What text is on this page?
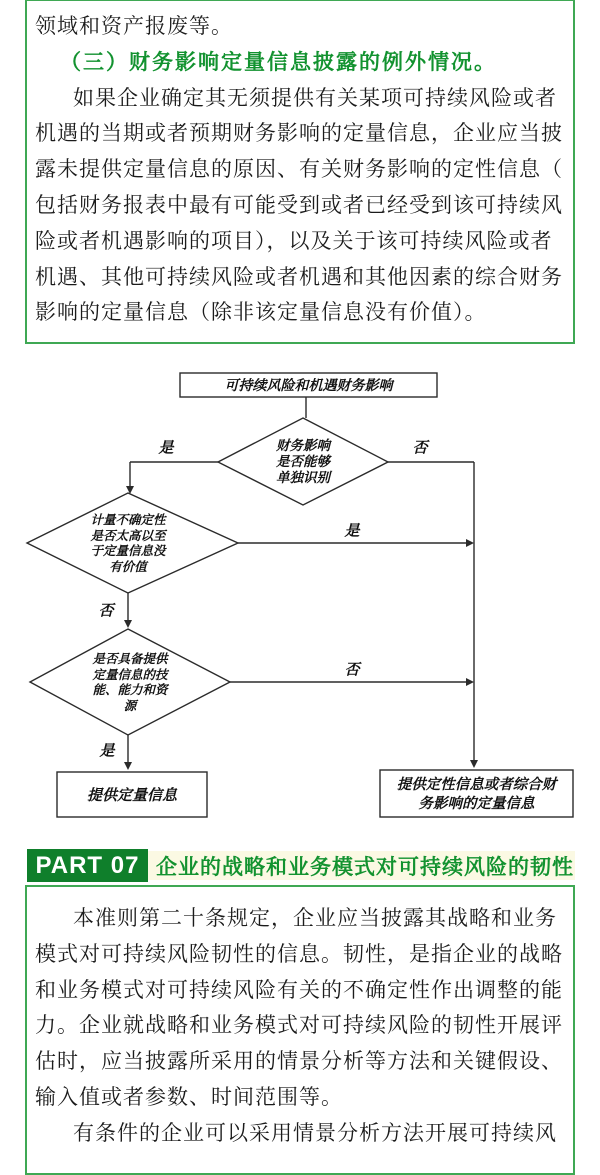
领域和资产报废等。
（三）财务影响定量信息披露的例外情况。
如果企业确定其无须提供有关某项可持续风险或者
机遇的当期或者预期财务影响的定量信息，企业应当披
露未提供定量信息的原因、有关财务影响的定性信息（
包括财务报表中最有可能受到或者已经受到该可持续风
险或者机遇影响的项目），以及关于该可持续风险或者
机遇、其他可持续风险或者机遇和其他因素的综合财务
影响的定量信息（除非该定量信息没有价值）。
可持续风险和机遇财务影响
财务影响
是否能够
单独识别
计量不确定性
是否太高以至
于定量信息没
有价值
是否具备提供
定量信息的技
能、能力和资
源
提供定量信息
提供定性信息或者综合财
务影响的定量信息
是	否
是
否
否
是
PART 07 企业的战略和业务模式对可持续风险的韧性
本准则第二十条规定，企业应当披露其战略和业务
模式对可持续风险韧性的信息。韧性，是指企业的战略
和业务模式对可持续风险有关的不确定性作出调整的能
力。企业就战略和业务模式对可持续风险的韧性开展评
估时，应当披露所采用的情景分析等方法和关键假设、
输入值或者参数、时间范围等。
有条件的企业可以采用情景分析方法开展可持续风
